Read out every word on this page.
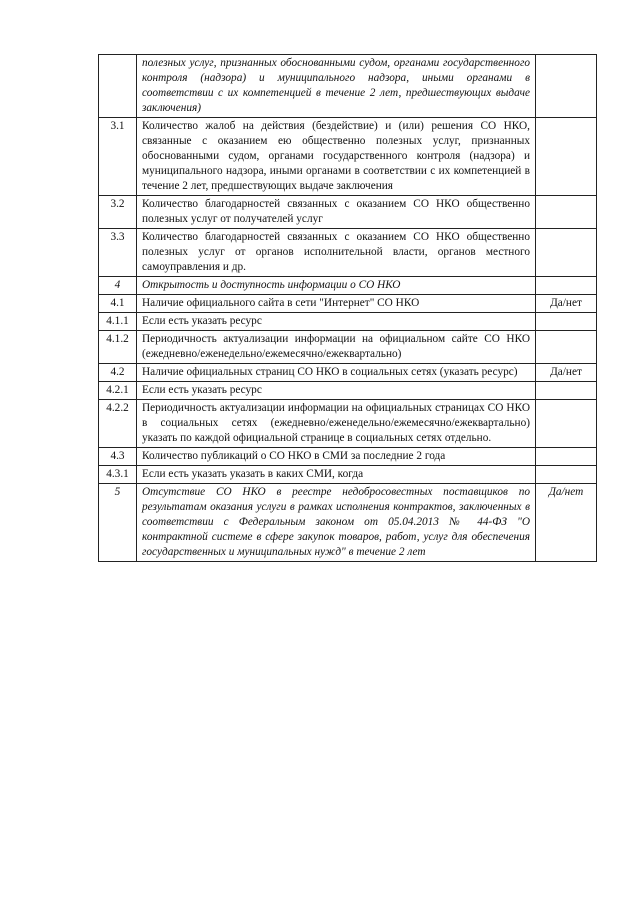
	полезных услуг, признанных обоснованными судом, органами государственного контроля (надзора) и муниципального надзора, иными органами в соответствии с их компетенцией в течение 2 лет, предшествующих выдаче заключения)	
3.1	Количество жалоб на действия (бездействие) и (или) решения СО НКО, связанные с оказанием ею общественно полезных услуг, признанных обоснованными судом, органами государственного контроля (надзора) и муниципального надзора, иными органами в соответствии с их компетенцией в течение 2 лет, предшествующих выдаче заключения	
3.2	Количество благодарностей связанных с оказанием СО НКО общественно полезных услуг от получателей услуг	
3.3	Количество благодарностей связанных с оказанием СО НКО общественно полезных услуг от органов исполнительной власти, органов местного самоуправления и др.	
4	Открытость и доступность информации о СО НКО	
4.1	Наличие официального сайта в сети "Интернет" СО НКО	Да/нет
4.1.1	Если есть указать ресурс	
4.1.2	Периодичность актуализации информации на официальном сайте СО НКО (ежедневно/еженедельно/ежемесячно/ежеквартально)	
4.2	Наличие официальных страниц СО НКО в социальных сетях (указать ресурс)	Да/нет
4.2.1	Если есть указать ресурс	
4.2.2	Периодичность актуализации информации на официальных страницах СО НКО в социальных сетях (ежедневно/еженедельно/ежемесячно/ежеквартально) указать по каждой официальной странице в социальных сетях отдельно.	
4.3	Количество публикаций о СО НКО в СМИ за последние 2 года	
4.3.1	Если есть указать указать в каких СМИ, когда	
5	Отсутствие СО НКО в реестре недобросовестных поставщиков по результатам оказания услуги в рамках исполнения контрактов, заключенных в соответствии с Федеральным законом от 05.04.2013 № 44-ФЗ "О контрактной системе в сфере закупок товаров, работ, услуг для обеспечения государственных и муниципальных нужд" в течение 2 лет	Да/нет
